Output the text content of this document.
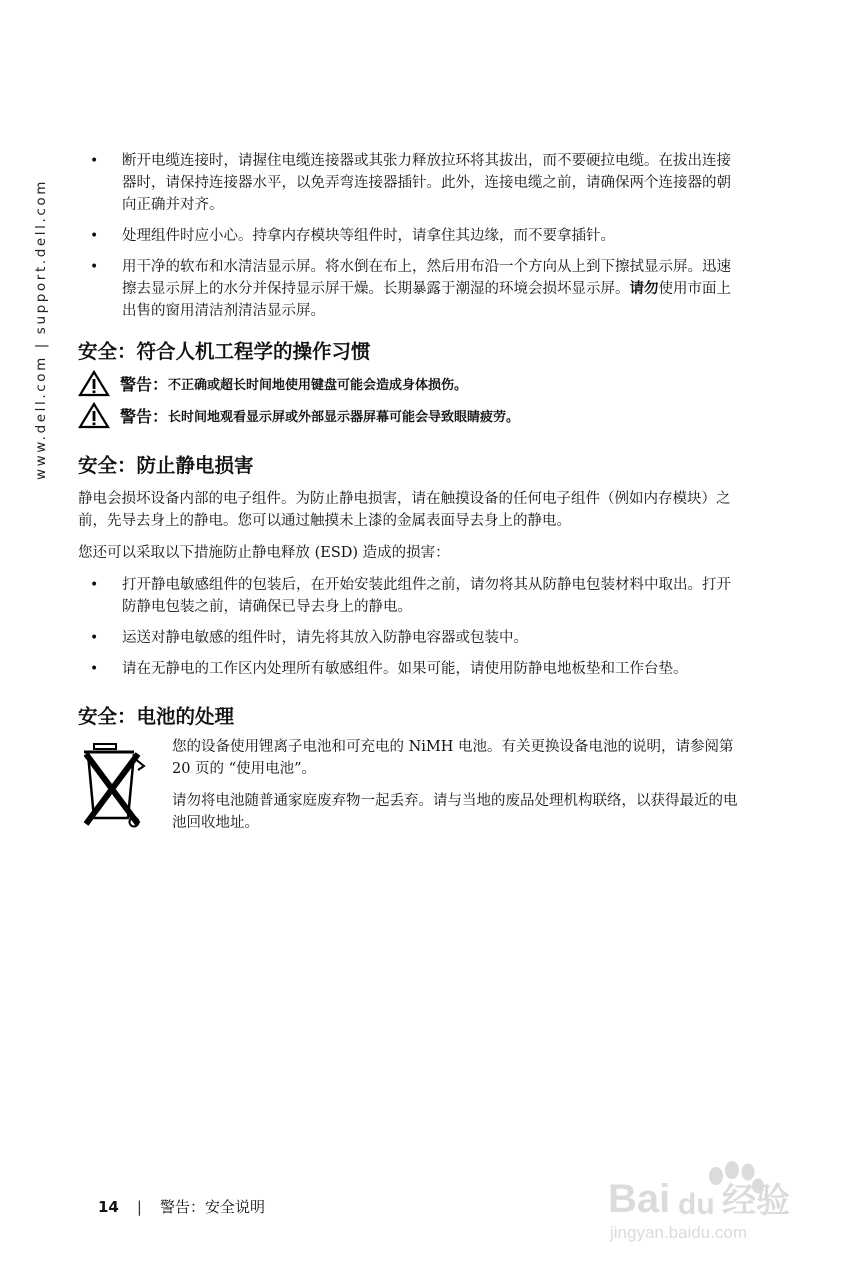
www.dell.com | support.dell.com
• 断开电缆连接时，请握住电缆连接器或其张力释放拉环将其拔出，而不要硬拉电缆。在拔出连接器时，请保持连接器水平，以免弄弯连接器插针。此外，连接电缆之前，请确保两个连接器的朝向正确并对齐。
• 处理组件时应小心。持拿内存模块等组件时，请拿住其边缘，而不要拿插针。
• 用干净的软布和水清洁显示屏。将水倒在布上，然后用布沿一个方向从上到下擦拭显示屏。迅速擦去显示屏上的水分并保持显示屏干燥。长期暴露于潮湿的环境会损坏显示屏。请勿使用市面上出售的窗用清洁剂清洁显示屏。
安全：符合人机工程学的操作习惯
警告： 不正确或超长时间地使用键盘可能会造成身体损伤。
警告： 长时间地观看显示屏或外部显示器屏幕可能会导致眼睛疲劳。
安全：防止静电损害

静电会损坏设备内部的电子组件。为防止静电损害，请在触摸设备的任何电子组件（例如内存模块）之前，先导去身上的静电。您可以通过触摸未上漆的金属表面导去身上的静电。

您还可以采取以下措施防止静电释放 (ESD) 造成的损害：

• 打开静电敏感组件的包装后，在开始安装此组件之前，请勿将其从防静电包装材料中取出。打开防静电包装之前，请确保已导去身上的静电。
• 运送对静电敏感的组件时，请先将其放入防静电容器或包装中。
• 请在无静电的工作区内处理所有敏感组件。如果可能，请使用防静电地板垫和工作台垫。
安全：电池的处理

您的设备使用锂离子电池和可充电的 NiMH 电池。有关更换设备电池的说明，请参阅第 20 页的 “使用电池”。

请勿将电池随普通家庭废弃物一起丢弃。请与当地的废品处理机构联络，以获得最近的电池回收地址。

14 | 警告：安全说明	Bai du 经验
jingyan.baidu.com
